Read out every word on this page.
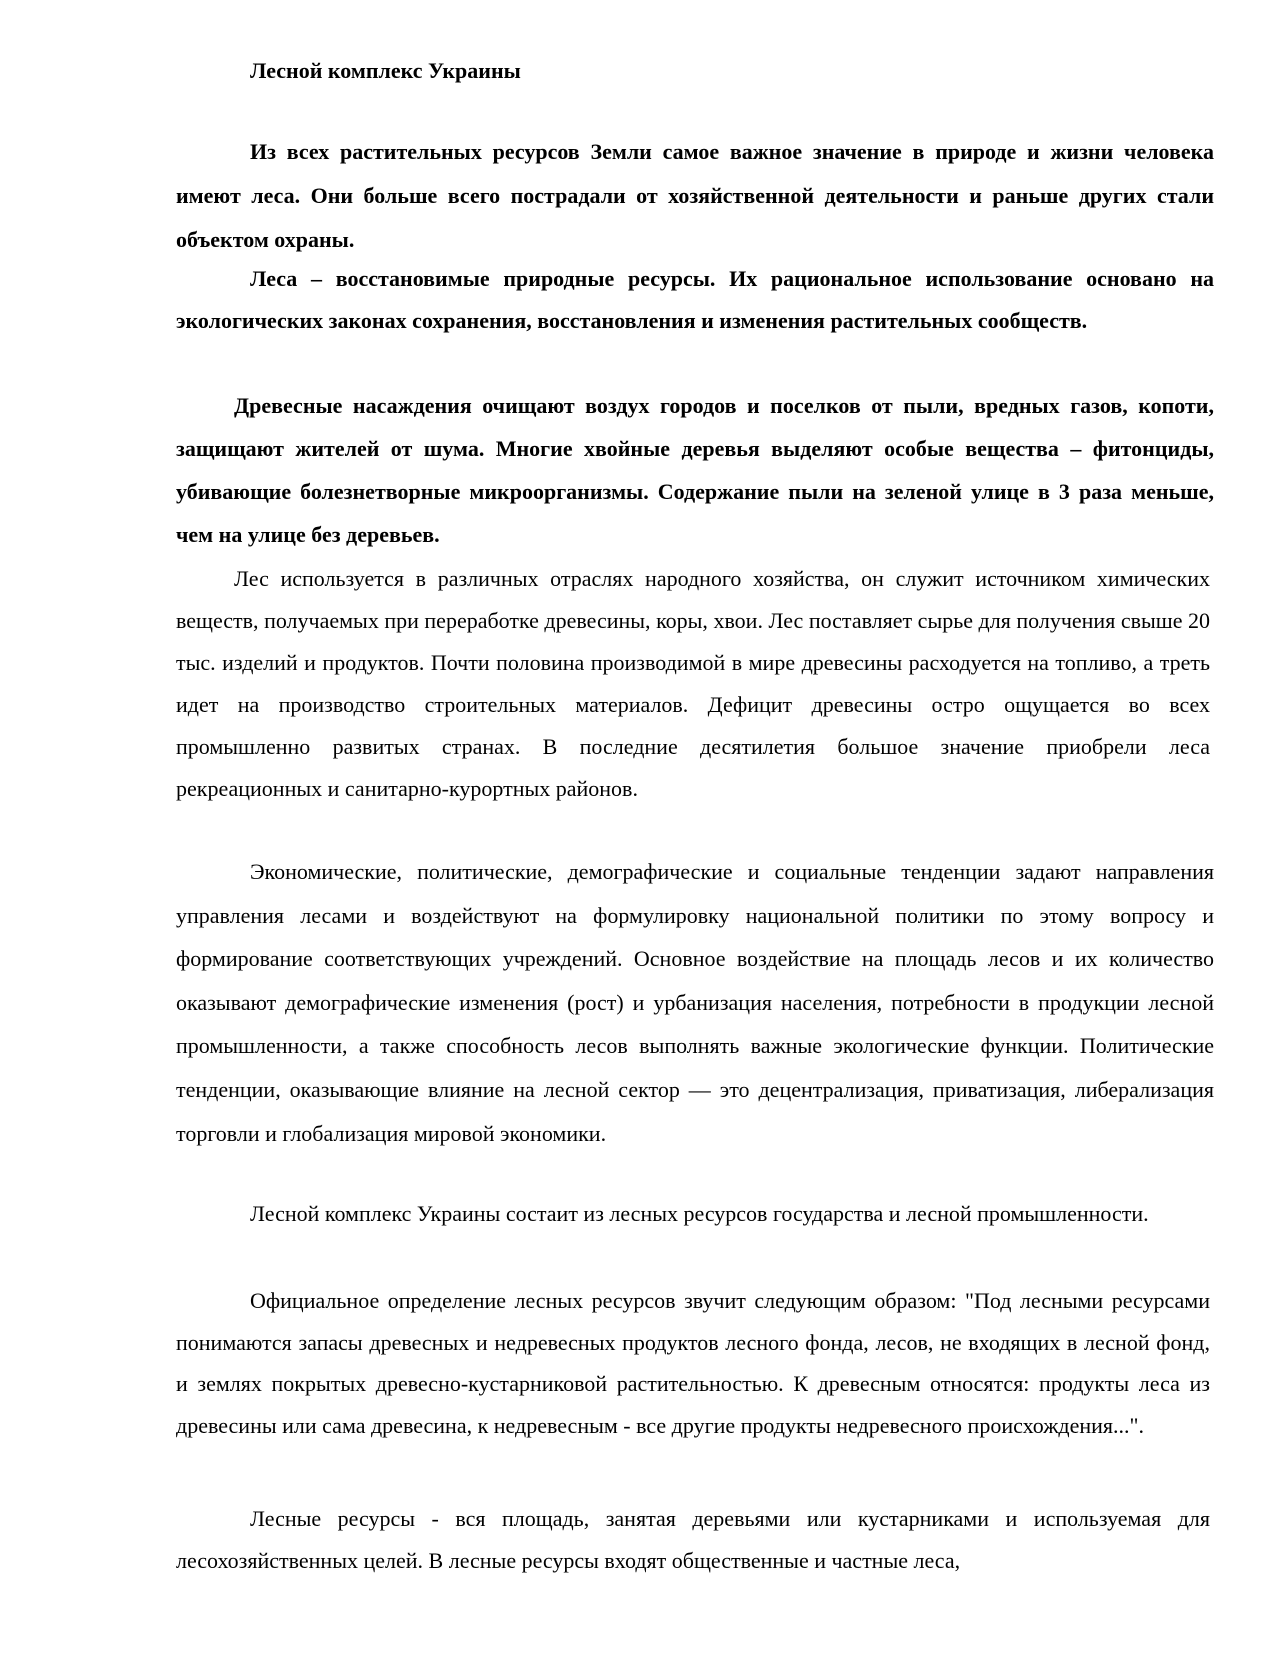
Лесной комплекс Украины

Из всех растительных ресурсов Земли самое важное значение в природе и жизни человека имеют леса. Они больше всего пострадали от хозяйственной деятельности и раньше других стали объектом охраны.

Леса – восстановимые природные ресурсы. Их рациональное использование основано на экологических законах сохранения, восстановления и изменения растительных сообществ.

Древесные насаждения очищают воздух городов и поселков от пыли, вредных газов, копоти, защищают жителей от шума. Многие хвойные деревья выделяют особые вещества – фитонциды, убивающие болезнетворные микроорганизмы. Содержание пыли на зеленой улице в 3 раза меньше, чем на улице без деревьев.

Лес используется в различных отраслях народного хозяйства, он служит источником химических веществ, получаемых при переработке древесины, коры, хвои. Лес поставляет сырье для получения свыше 20 тыс. изделий и продуктов. Почти половина производимой в мире древесины расходуется на топливо, а треть идет на производство строительных материалов. Дефицит древесины остро ощущается во всех промышленно развитых странах. В последние десятилетия большое значение приобрели леса рекреационных и санитарно-курортных районов.

Экономические, политические, демографические и социальные тенденции задают направления управления лесами и воздействуют на формулировку национальной политики по этому вопросу и формирование соответствующих учреждений. Основное воздействие на площадь лесов и их количество оказывают демографические изменения (рост) и урбанизация населения, потребности в продукции лесной промышленности, а также способность лесов выполнять важные экологические функции. Политические тенденции, оказывающие влияние на лесной сектор — это децентрализация, приватизация, либерализация торговли и глобализация мировой экономики.

Лесной комплекс Украины состаит из лесных ресурсов государства и лесной промышленности.

Официальное определение лесных ресурсов звучит следующим образом: "Под лесными ресурсами понимаются запасы древесных и недревесных продуктов лесного фонда, лесов, не входящих в лесной фонд, и землях покрытых древесно-кустарниковой растительностью. К древесным относятся: продукты леса из древесины или сама древесина, к недревесным - все другие продукты недревесного происхождения...".

Лесные ресурсы - вся площадь, занятая деревьями или кустарниками и используемая для лесохозяйственных целей. В лесные ресурсы входят общественные и частные леса,
